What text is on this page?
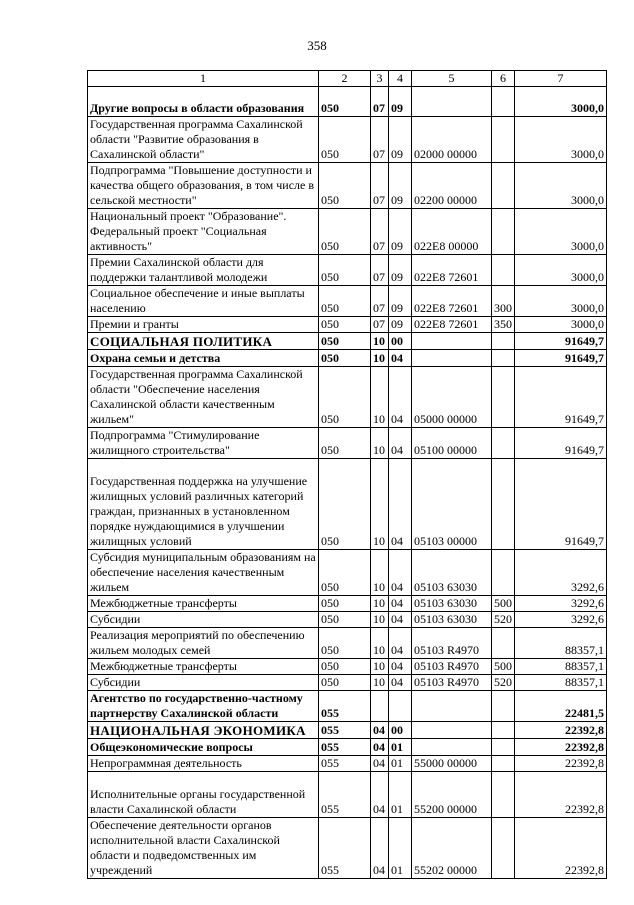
358
1	2	3	4	5	6	7
Другие вопросы в области образования	050	07	09			3000,0
Государственная программа Сахалинской области "Развитие образования в Сахалинской области"	050	07	09	02000 00000		3000,0
Подпрограмма "Повышение доступности и качества общего образования, в том числе в сельской местности"	050	07	09	02200 00000		3000,0
Национальный проект "Образование". Федеральный проект "Социальная активность"	050	07	09	022E8 00000		3000,0
Премии Сахалинской области для поддержки талантливой молодежи	050	07	09	022E8 72601		3000,0
Социальное обеспечение и иные выплаты населению	050	07	09	022E8 72601	300	3000,0
Премии и гранты	050	07	09	022E8 72601	350	3000,0
СОЦИАЛЬНАЯ ПОЛИТИКА	050	10	00			91649,7
Охрана семьи и детства	050	10	04			91649,7
Государственная программа Сахалинской области "Обеспечение населения Сахалинской области качественным жильем"	050	10	04	05000 00000		91649,7
Подпрограмма "Стимулирование жилищного строительства"	050	10	04	05100 00000		91649,7
Государственная поддержка на улучшение жилищных условий различных категорий граждан, признанных в установленном порядке нуждающимися в улучшении жилищных условий	050	10	04	05103 00000		91649,7
Субсидия муниципальным образованиям на обеспечение населения качественным жильем	050	10	04	05103 63030		3292,6
Межбюджетные трансферты	050	10	04	05103 63030	500	3292,6
Субсидии	050	10	04	05103 63030	520	3292,6
Реализация мероприятий по обеспечению жильем молодых семей	050	10	04	05103 R4970		88357,1
Межбюджетные трансферты	050	10	04	05103 R4970	500	88357,1
Субсидии	050	10	04	05103 R4970	520	88357,1
Агентство по государственно-частному партнерству Сахалинской области	055					22481,5
НАЦИОНАЛЬНАЯ ЭКОНОМИКА	055	04	00			22392,8
Общеэкономические вопросы	055	04	01			22392,8
Непрограммная деятельность	055	04	01	55000 00000		22392,8
Исполнительные органы государственной власти Сахалинской области	055	04	01	55200 00000		22392,8
Обеспечение деятельности органов исполнительной власти Сахалинской области и подведомственных им учреждений	055	04	01	55202 00000		22392,8
